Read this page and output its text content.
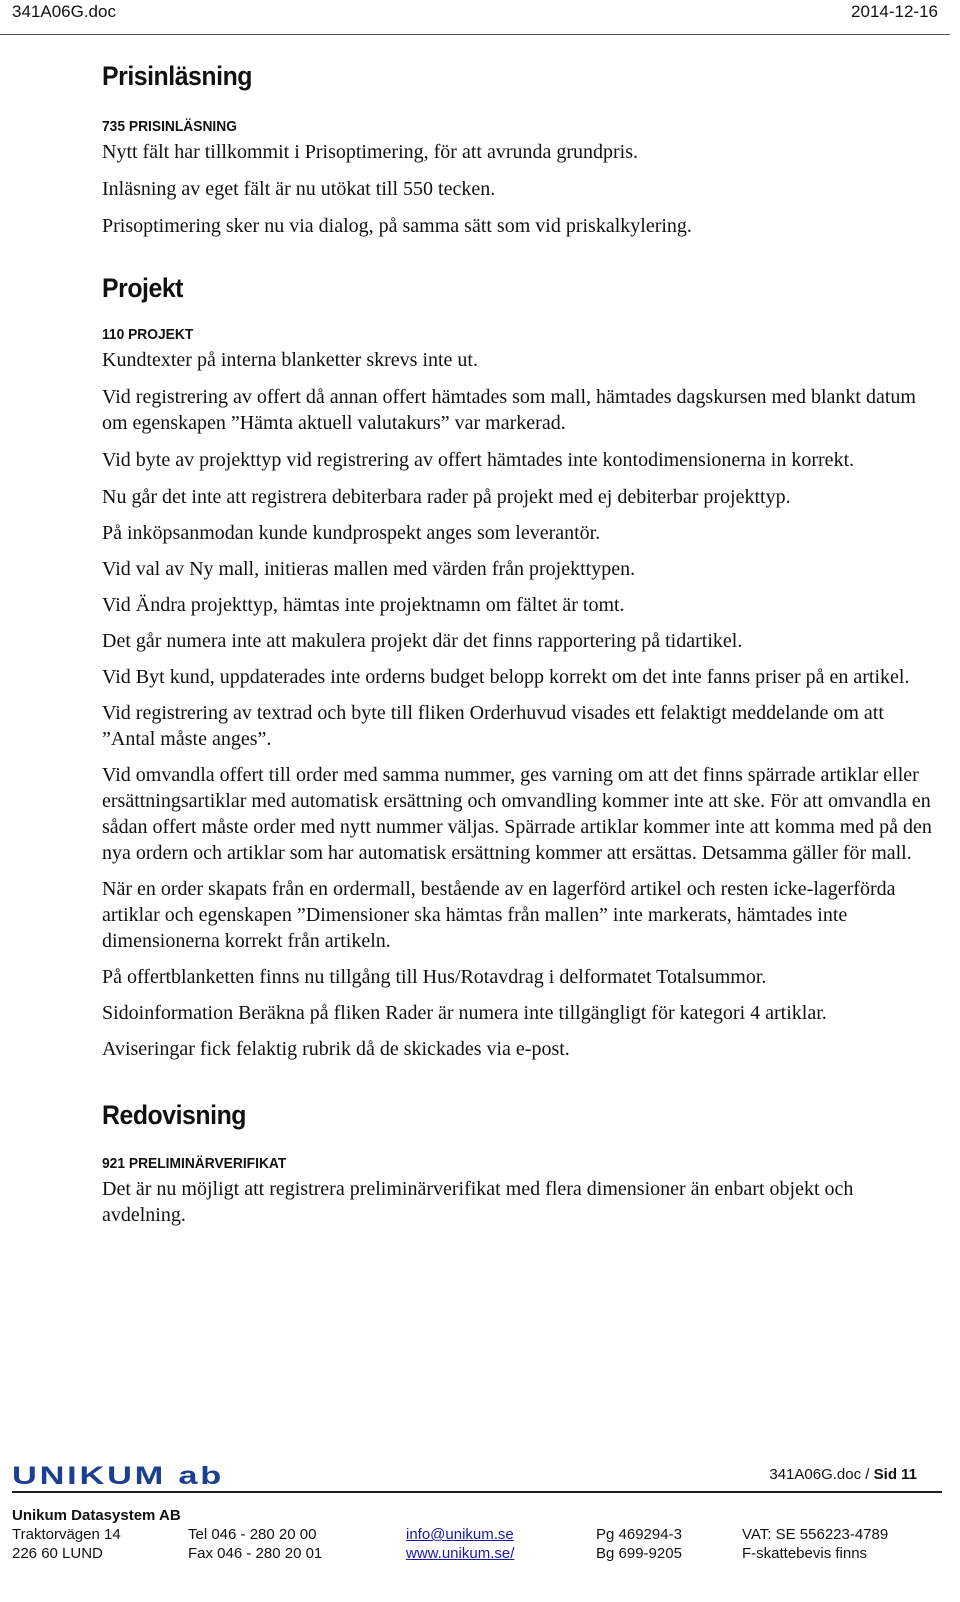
341A06G.doc	2014-12-16
Prisinläsning
735 PRISINLÄSNING
Nytt fält har tillkommit i Prisoptimering, för att avrunda grundpris.
Inläsning av eget fält är nu utökat till 550 tecken.
Prisoptimering sker nu via dialog, på samma sätt som vid priskalkylering.
Projekt
110 PROJEKT
Kundtexter på interna blanketter skrevs inte ut.
Vid registrering av offert då annan offert hämtades som mall, hämtades dagskursen med blankt datum om egenskapen ”Hämta aktuell valutakurs” var markerad.
Vid byte av projekttyp vid registrering av offert hämtades inte kontodimensionerna in korrekt.
Nu går det inte att registrera debiterbara rader på projekt med ej debiterbar projekttyp.
På inköpsanmodan kunde kundprospekt anges som leverantör.
Vid val av Ny mall, initieras mallen med värden från projekttypen.
Vid Ändra projekttyp, hämtas inte projektnamn om fältet är tomt.
Det går numera inte att makulera projekt där det finns rapportering på tidartikel.
Vid Byt kund, uppdaterades inte orderns budget belopp korrekt om det inte fanns priser på en artikel.
Vid registrering av textrad och byte till fliken Orderhuvud visades ett felaktigt meddelande om att ”Antal måste anges”.
Vid omvandla offert till order med samma nummer, ges varning om att det finns spärrade artiklar eller ersättningsartiklar med automatisk ersättning och omvandling kommer inte att ske. För att omvandla en sådan offert måste order med nytt nummer väljas. Spärrade artiklar kommer inte att komma med på den nya ordern och artiklar som har automatisk ersättning kommer att ersättas. Detsamma gäller för mall.
När en order skapats från en ordermall, bestående av en lagerförd artikel och resten icke-lagerförda artiklar och egenskapen ”Dimensioner ska hämtas från mallen” inte markerats, hämtades inte dimensionerna korrekt från artikeln.
På offertblanketten finns nu tillgång till Hus/Rotavdrag i delformatet Totalsummor.
Sidoinformation Beräkna på fliken Rader är numera inte tillgängligt för kategori 4 artiklar.
Aviseringar fick felaktig rubrik då de skickades via e-post.
Redovisning
921 PRELIMINÄRVERIFIKAT
Det är nu möjligt att registrera preliminärverifikat med flera dimensioner än enbart objekt och avdelning.
UNIKUM ab	341A06G.doc / Sid 11
Unikum Datasystem AB
Traktorvägen 14
226 60 LUND
Tel 046 - 280 20 00
Fax 046 - 280 20 01
info@unikum.se
www.unikum.se/
Pg 469294-3
Bg 699-9205
VAT: SE 556223-4789
F-skattebevis finns
